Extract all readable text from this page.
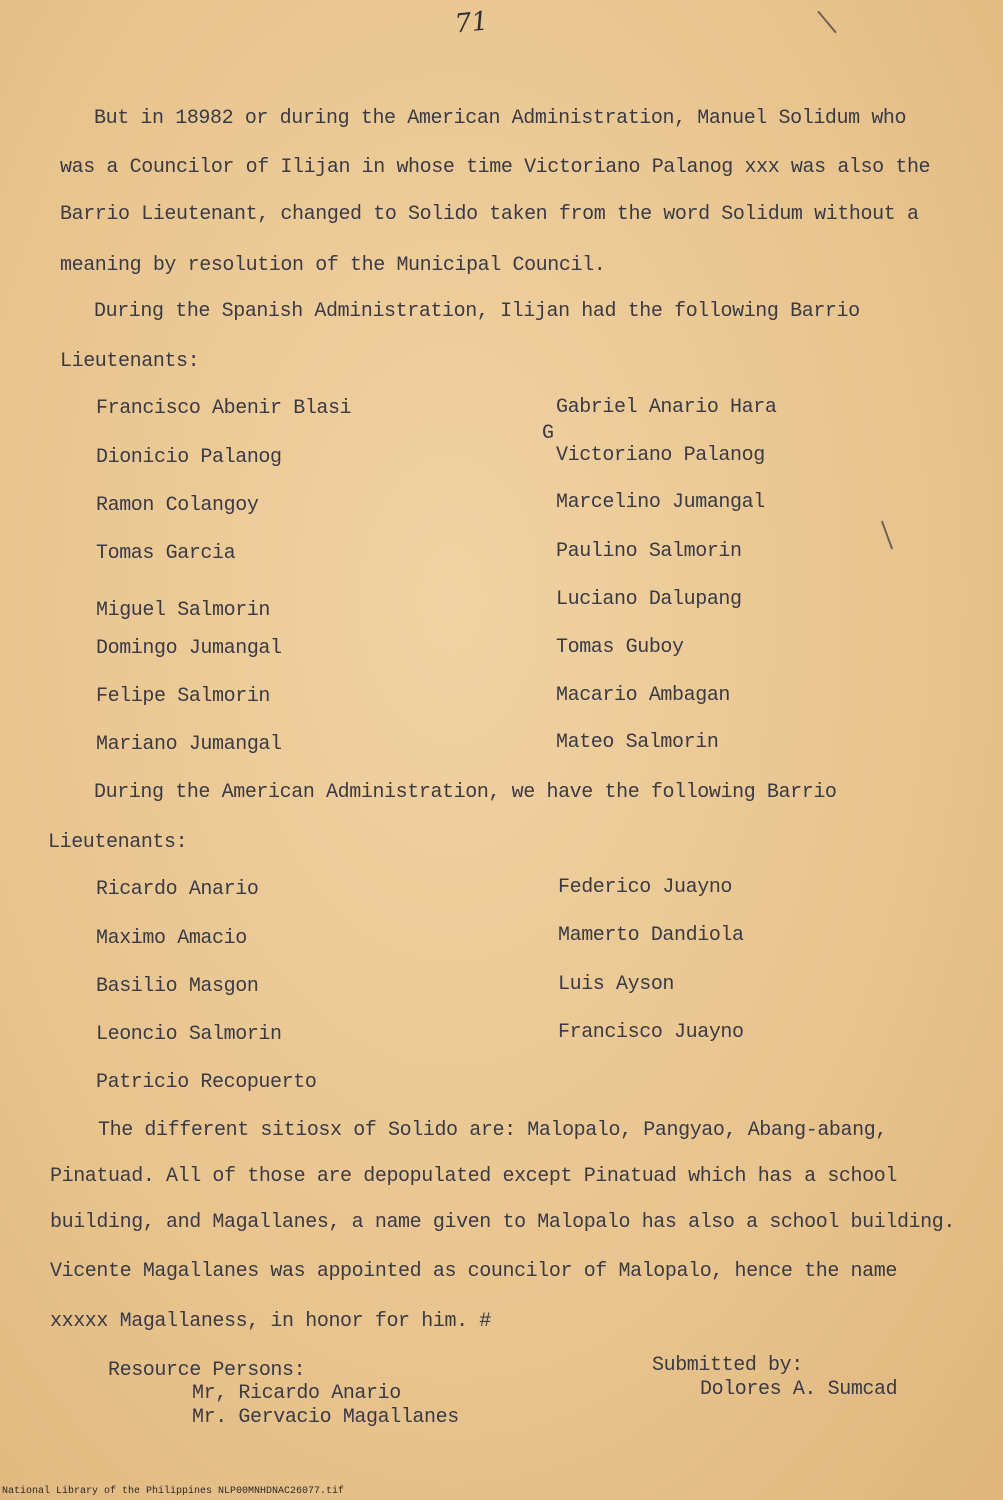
71
But in 18982 or during the American Administration, Manuel Solidum who
was a Councilor of Ilijan in whose time Victoriano Palanog xxx was also the
Barrio Lieutenant, changed to Solido taken from the word Solidum without a
meaning by resolution of the Municipal Council.
During the Spanish Administration, Ilijan had the following Barrio
Lieutenants:
Francisco Abenir Blasi
Dionicio Palanog
Ramon Colangoy
Tomas Garcia
Miguel Salmorin
Domingo Jumangal
Felipe Salmorin
Mariano Jumangal
Gabriel Anario Hara
G
Victoriano Palanog
Marcelino Jumangal
Paulino Salmorin
Luciano Dalupang
Tomas Guboy
Macario Ambagan
Mateo Salmorin
During the American Administration, we have the following Barrio
Lieutenants:
Ricardo Anario
Maximo Amacio
Basilio Masgon
Leoncio Salmorin
Patricio Recopuerto
Federico Juayno
Mamerto Dandiola
Luis Ayson
Francisco Juayno
The different sitiosx of Solido are: Malopalo, Pangyao, Abang-abang,
Pinatuad. All of those are depopulated except Pinatuad which has a school
building, and Magallanes, a name given to Malopalo has also a school building.
Vicente Magallanes was appointed as councilor of Malopalo, hence the name
xxxxx Magallaness, in honor for him. #
Resource Persons:
Mr, Ricardo Anario
Mr. Gervacio Magallanes
Submitted by:
Dolores A. Sumcad
National Library of the Philippines NLP00MNHDNAC26077.tif
